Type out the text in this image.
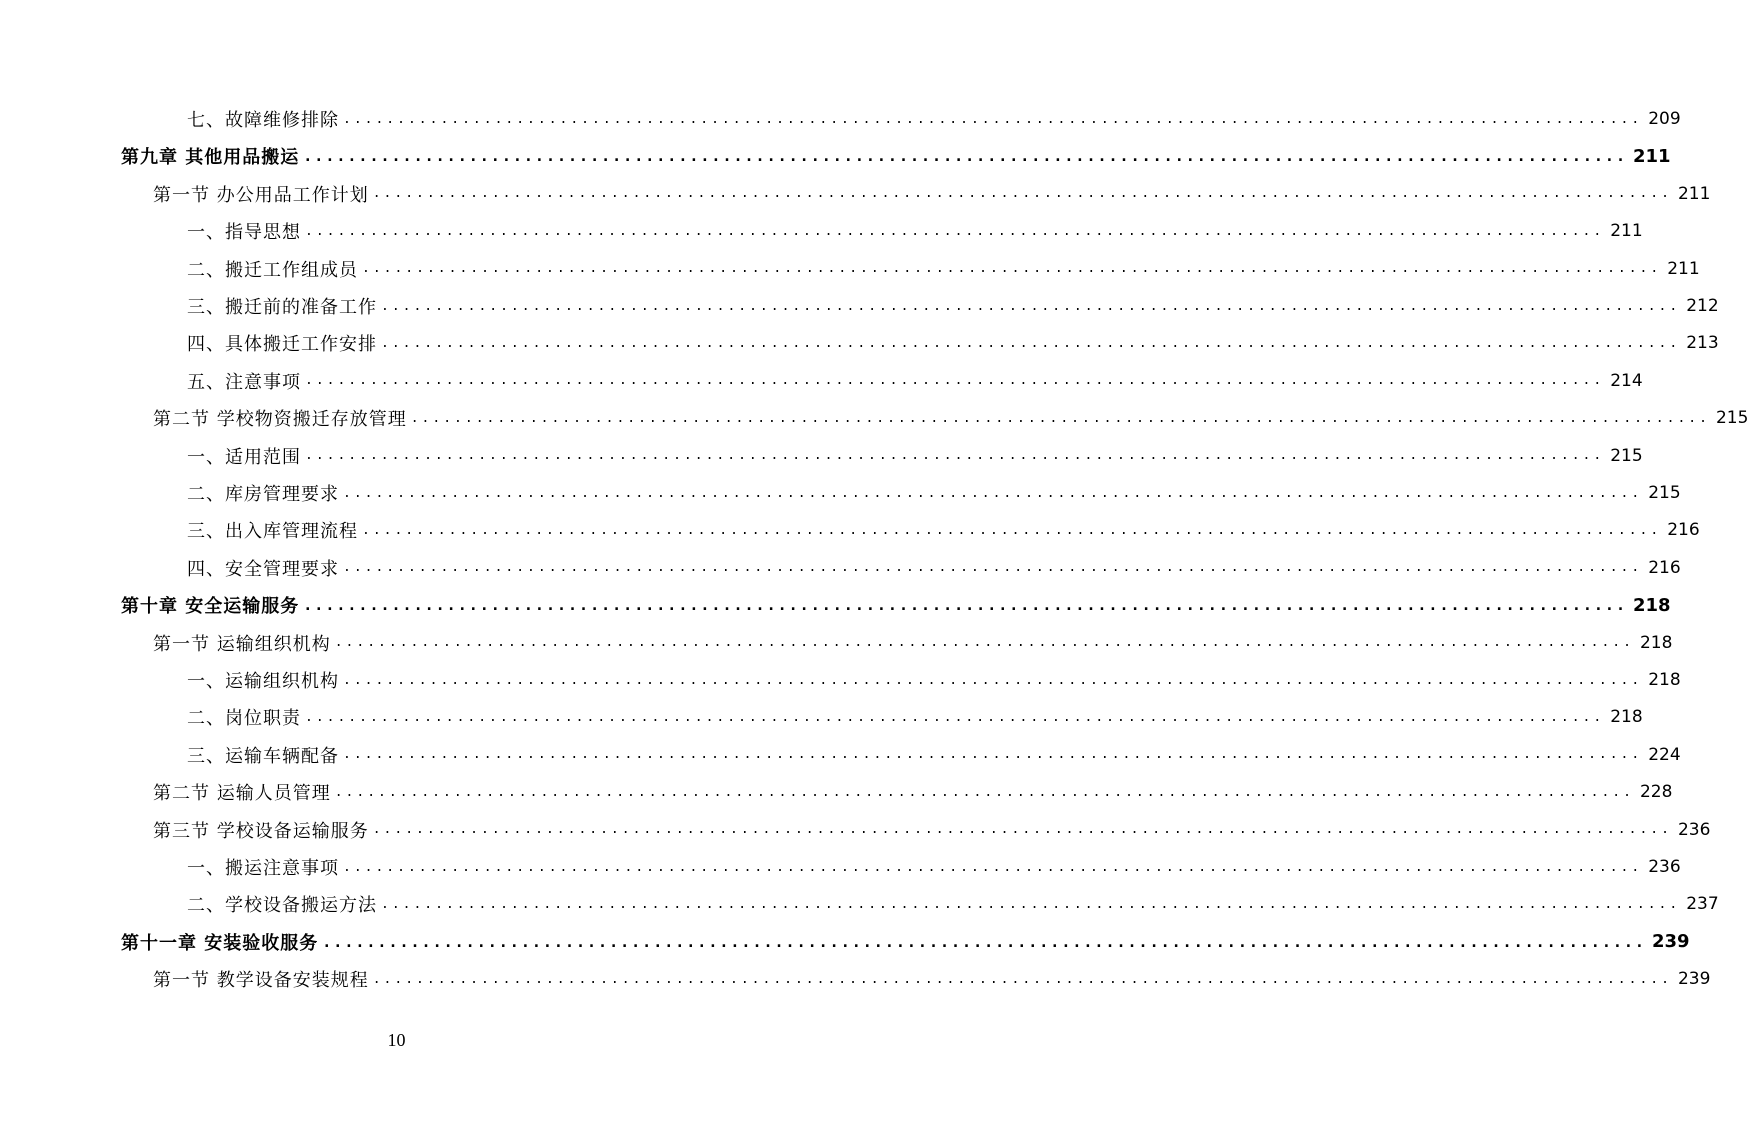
七、故障维修排除 ........................................................................................................................ 209
第九章 其他用品搬运 ........................................................................................................................ 211
第一节 办公用品工作计划 ........................................................................................................................ 211
一、指导思想 ........................................................................................................................ 211
二、搬迁工作组成员 ........................................................................................................................ 211
三、搬迁前的准备工作 ........................................................................................................................ 212
四、具体搬迁工作安排 ........................................................................................................................ 213
五、注意事项 ........................................................................................................................ 214
第二节 学校物资搬迁存放管理 ........................................................................................................................ 215
一、适用范围 ........................................................................................................................ 215
二、库房管理要求 ........................................................................................................................ 215
三、出入库管理流程 ........................................................................................................................ 216
四、安全管理要求 ........................................................................................................................ 216
第十章 安全运输服务 ........................................................................................................................ 218
第一节 运输组织机构 ........................................................................................................................ 218
一、运输组织机构 ........................................................................................................................ 218
二、岗位职责 ........................................................................................................................ 218
三、运输车辆配备 ........................................................................................................................ 224
第二节 运输人员管理 ........................................................................................................................ 228
第三节 学校设备运输服务 ........................................................................................................................ 236
一、搬运注意事项 ........................................................................................................................ 236
二、学校设备搬运方法 ........................................................................................................................ 237
第十一章 安装验收服务 ........................................................................................................................ 239
第一节 教学设备安装规程 ........................................................................................................................ 239
10
